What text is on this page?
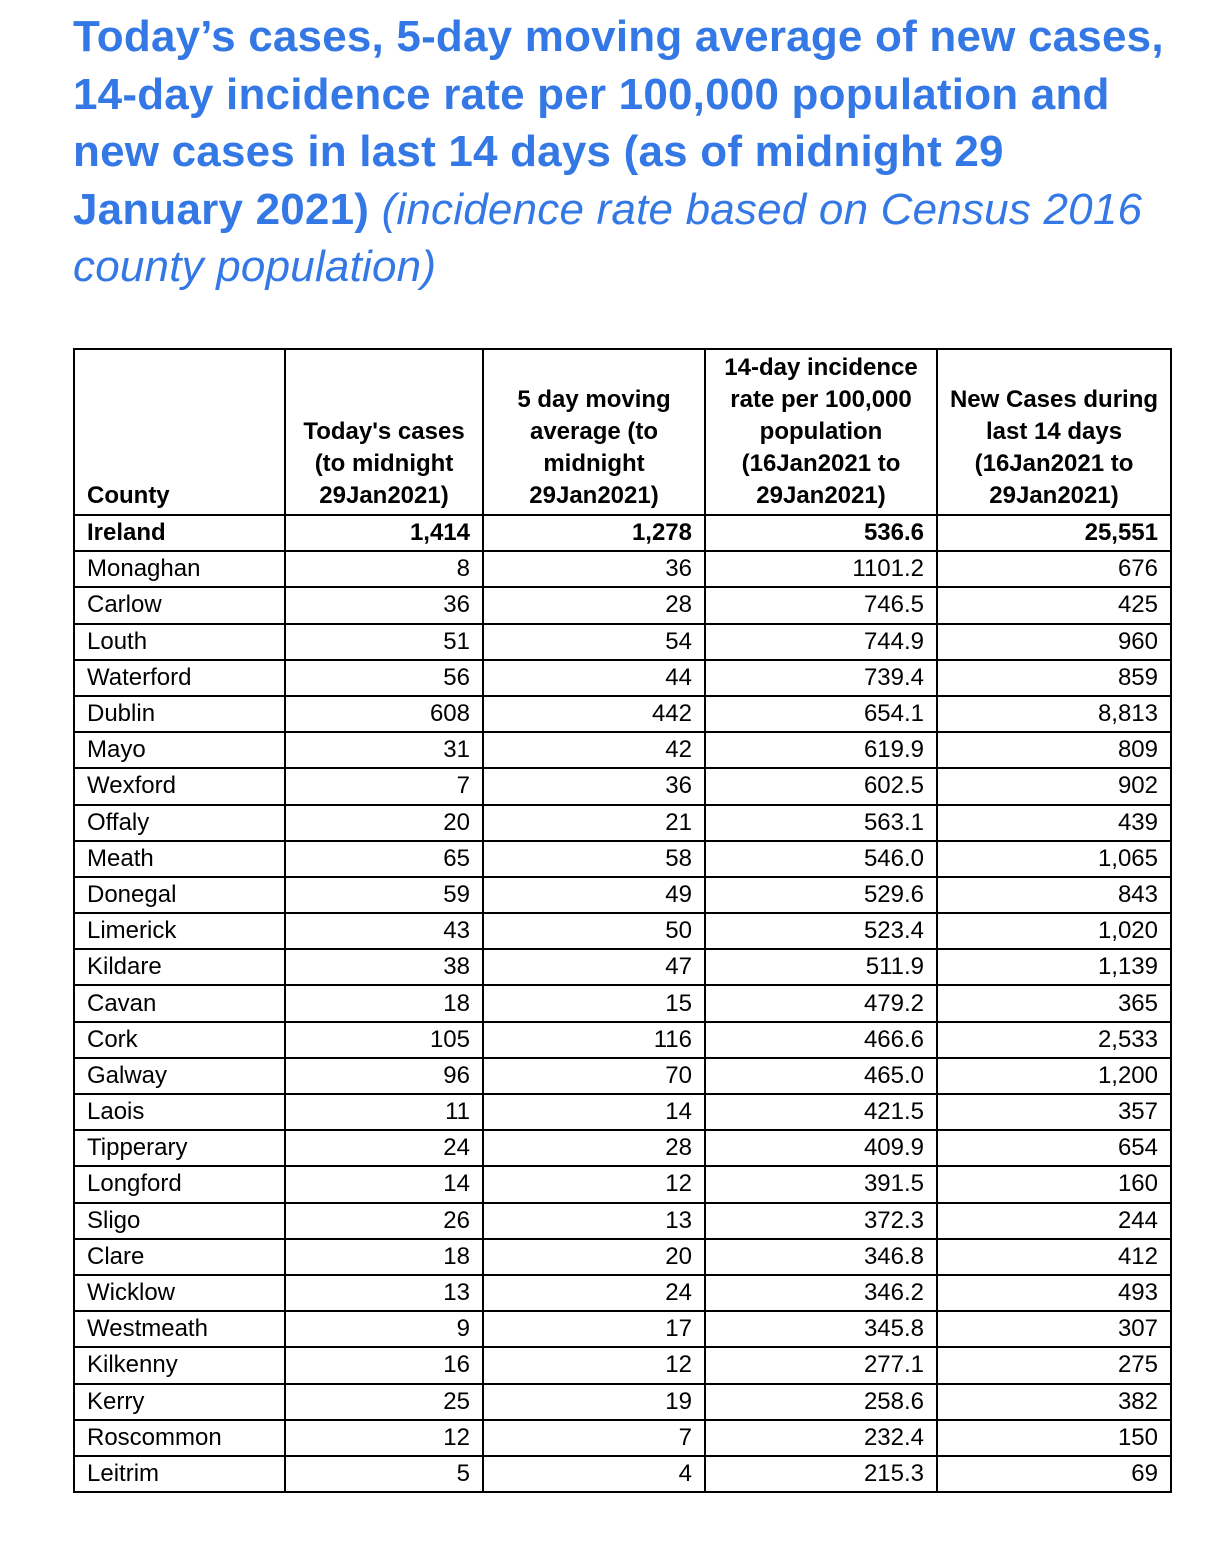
Today’s cases, 5-day moving average of new cases, 14-day incidence rate per 100,000 population and new cases in last 14 days (as of midnight 29 January 2021) (incidence rate based on Census 2016 county population)
County	Today's cases (to midnight 29Jan2021)	5 day moving average (to midnight 29Jan2021)	14-day incidence rate per 100,000 population (16Jan2021 to 29Jan2021)	New Cases during last 14 days (16Jan2021 to 29Jan2021)
Ireland	1,414	1,278	536.6	25,551
Monaghan	8	36	1101.2	676
Carlow	36	28	746.5	425
Louth	51	54	744.9	960
Waterford	56	44	739.4	859
Dublin	608	442	654.1	8,813
Mayo	31	42	619.9	809
Wexford	7	36	602.5	902
Offaly	20	21	563.1	439
Meath	65	58	546.0	1,065
Donegal	59	49	529.6	843
Limerick	43	50	523.4	1,020
Kildare	38	47	511.9	1,139
Cavan	18	15	479.2	365
Cork	105	116	466.6	2,533
Galway	96	70	465.0	1,200
Laois	11	14	421.5	357
Tipperary	24	28	409.9	654
Longford	14	12	391.5	160
Sligo	26	13	372.3	244
Clare	18	20	346.8	412
Wicklow	13	24	346.2	493
Westmeath	9	17	345.8	307
Kilkenny	16	12	277.1	275
Kerry	25	19	258.6	382
Roscommon	12	7	232.4	150
Leitrim	5	4	215.3	69
